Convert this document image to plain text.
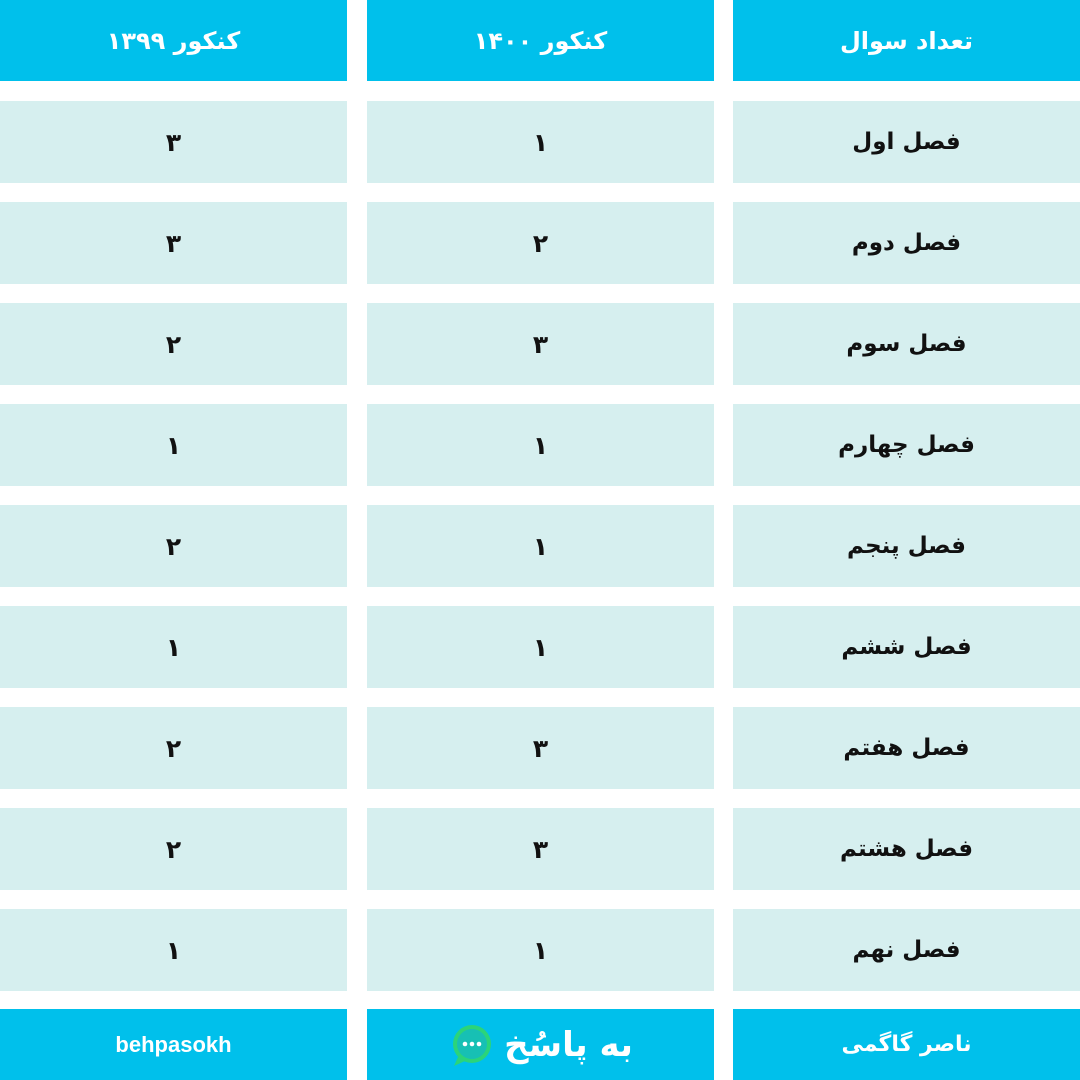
تعداد سوال
کنکور ۱۴۰۰
کنکور ۱۳۹۹
فصل اول
۱
۳
فصل دوم
۲
۳
فصل سوم
۳
۲
فصل چهارم
۱
۱
فصل پنجم
۱
۲
فصل ششم
۱
۱
فصل هفتم
۳
۲
فصل هشتم
۳
۲
فصل نهم
۱
۱
ناصر گاگمی
به پاسُخ
behpasokh
